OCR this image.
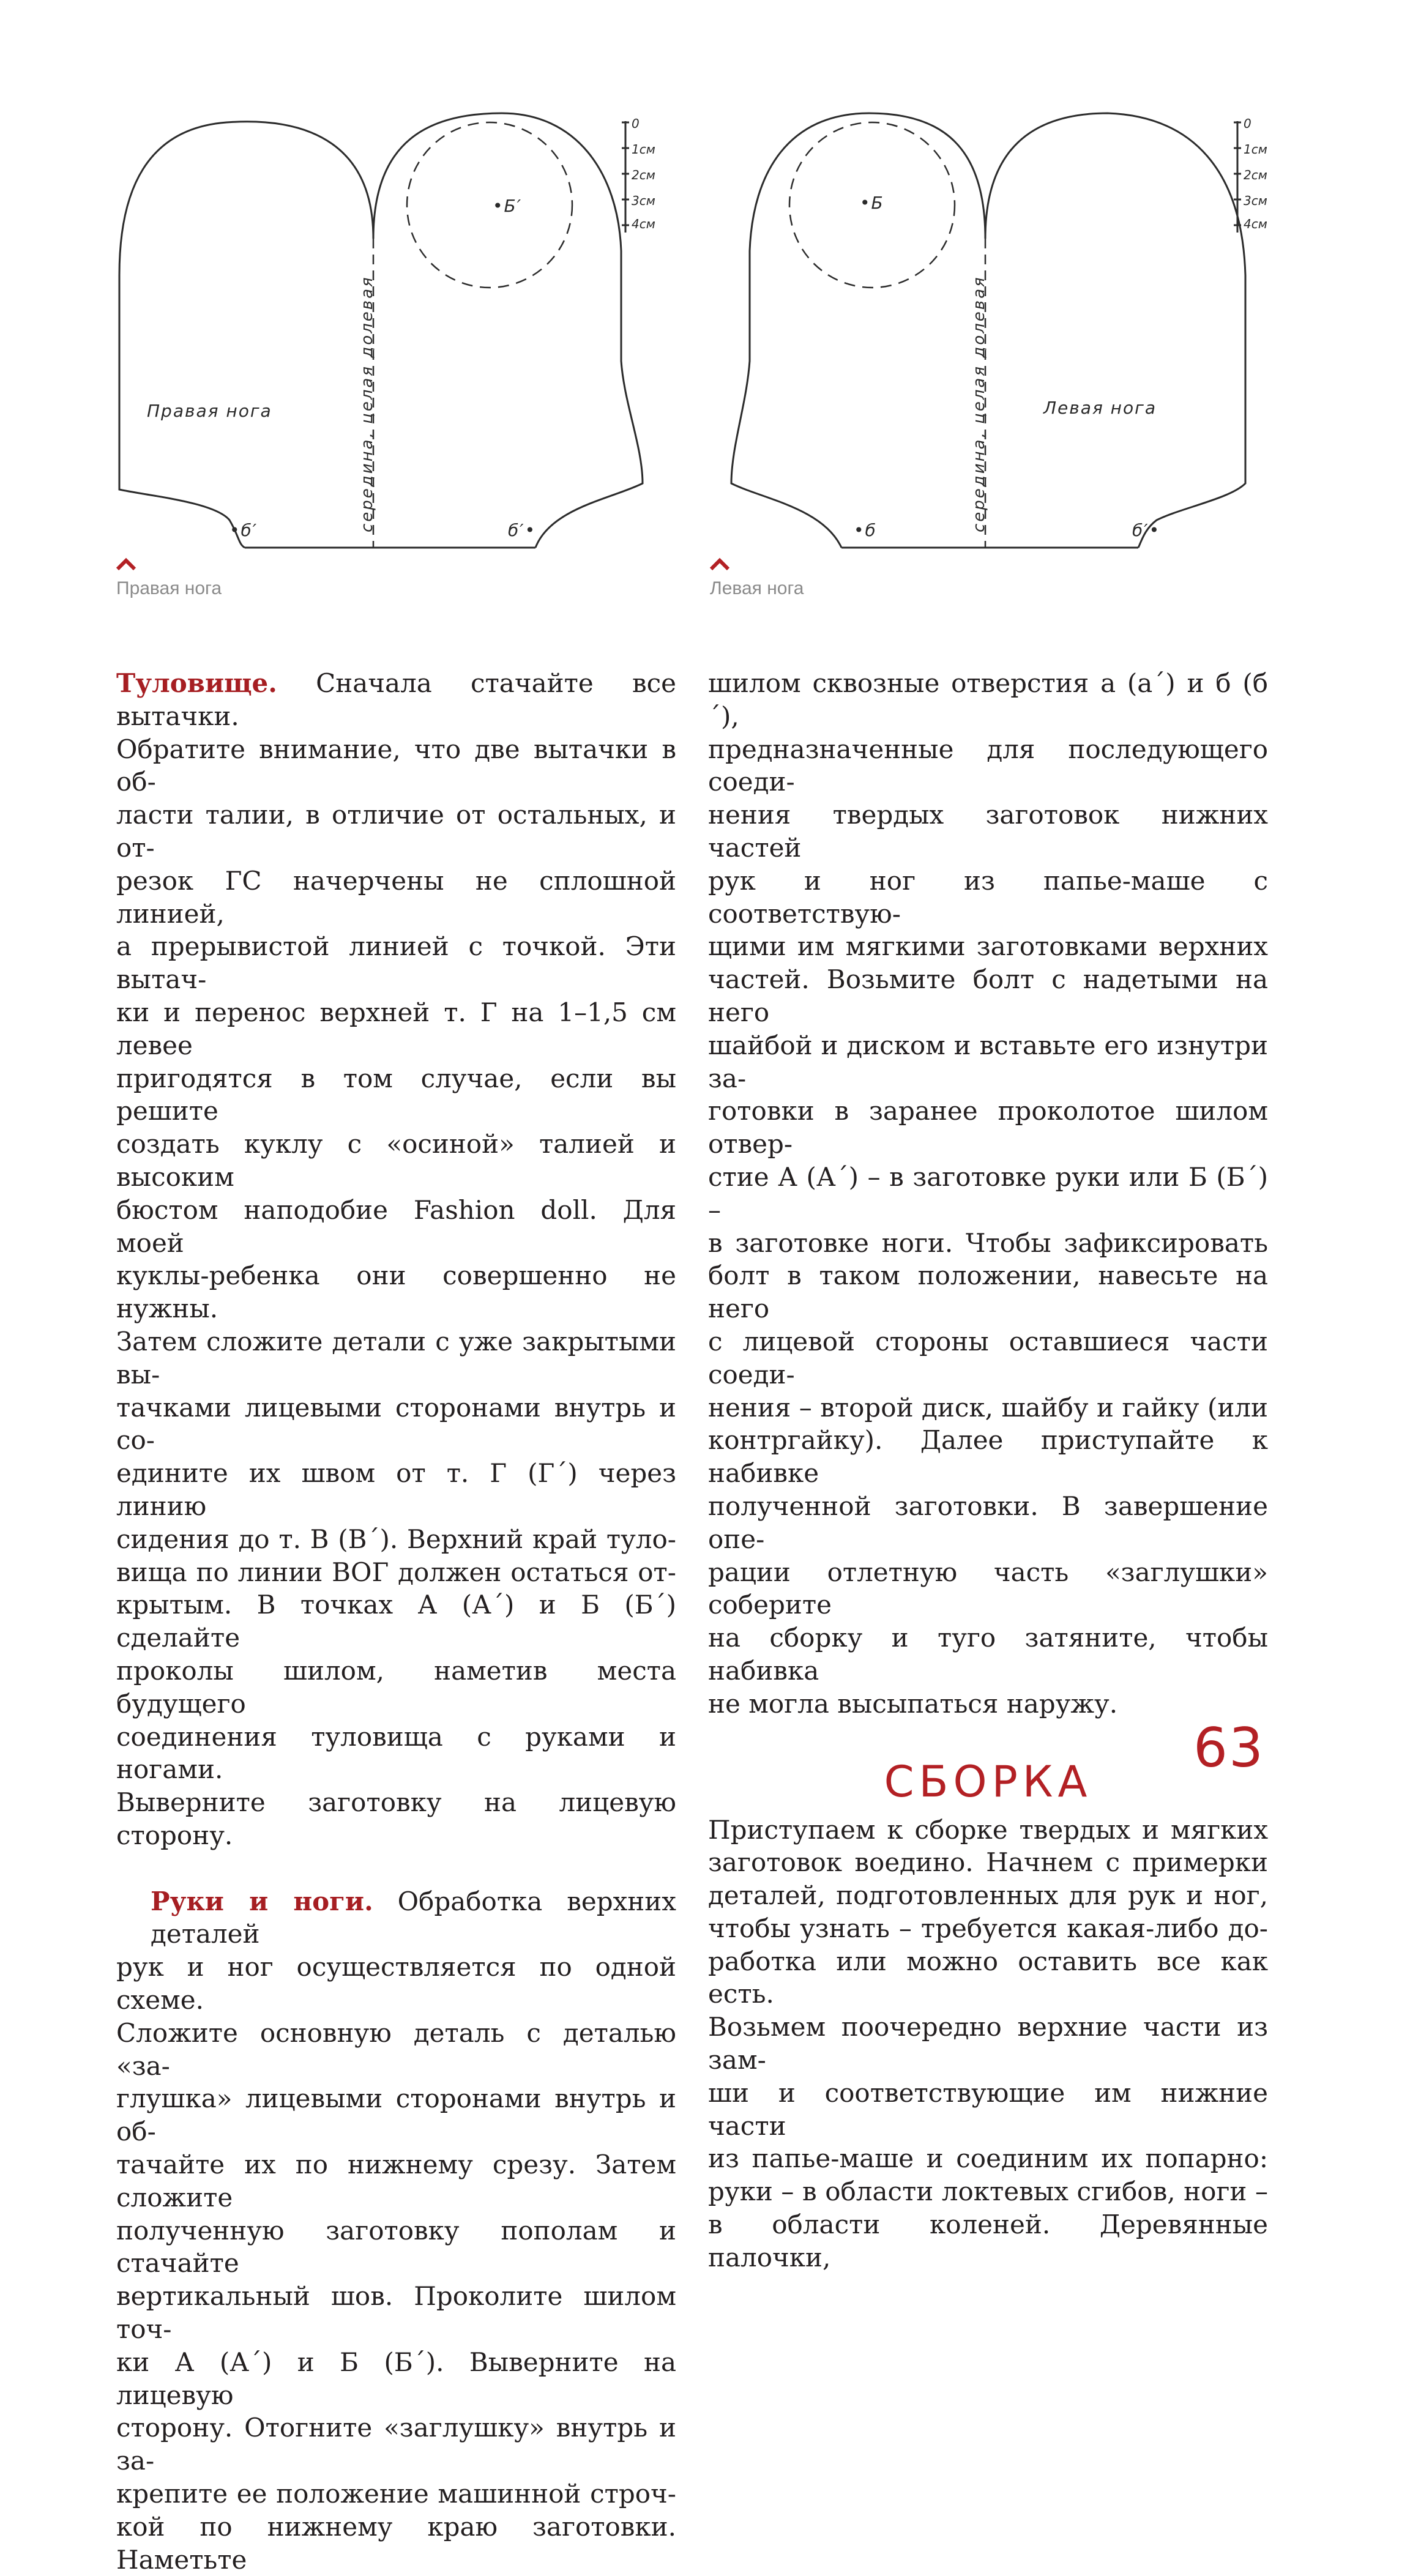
0
1см
2см
3см
4см
Правая нога
•Б′
•б′	б′•
середина, целая долевая
Правая нога
0
1см
2см
3см
4см
Левая нога
•Б
•б	б′•
середина, целая долевая
Левая нога

Туловище. Сначала стачайте все вытачки.

Обратите внимание, что две вытачки в об-

ласти талии, в отличие от остальных, и от-

резок ГС начерчены не сплошной линией,

а прерывистой линией с точкой. Эти вытач-

ки и перенос верхней т. Г на 1–1,5 см левее

пригодятся в том случае, если вы решите

создать куклу с «осиной» талией и высоким

бюстом наподобие Fashion doll. Для моей

куклы-ребенка они совершенно не нужны.

Затем сложите детали с уже закрытыми вы-

тачками лицевыми сторонами внутрь и со-

едините их швом от т. Г (Г´) через линию

сидения до т. В (В´). Верхний край туло-

вища по линии ВОГ должен остаться от-

крытым. В точках А (А´) и Б (Б´) сделайте

проколы шилом, наметив места будущего

соединения туловища с руками и ногами.

Выверните заготовку на лицевую сторону.

Руки и ноги. Обработка верхних деталей

рук и ног осуществляется по одной схеме.

Сложите основную деталь с деталью «за-

глушка» лицевыми сторонами внутрь и об-

тачайте их по нижнему срезу. Затем сложите

полученную заготовку пополам и стачайте

вертикальный шов. Проколите шилом точ-

ки А (А´) и Б (Б´). Выверните на лицевую

сторону. Отогните «заглушку» внутрь и за-

крепите ее положение машинной строч-

кой по нижнему краю заготовки. Наметьте

шилом сквозные отверстия а (а´) и б (б´),

предназначенные для последующего соеди-

нения твердых заготовок нижних частей

рук и ног из папье-маше с соответствую-

щими им мягкими заготовками верхних

частей. Возьмите болт с надетыми на него

шайбой и диском и вставьте его изнутри за-

готовки в заранее проколотое шилом отвер-

стие А (А´) – в заготовке руки или Б (Б´) –

в заготовке ноги. Чтобы зафиксировать

болт в таком положении, навесьте на него

с лицевой стороны оставшиеся части соеди-

нения – второй диск, шайбу и гайку (или

контргайку). Далее приступайте к набивке

полученной заготовки. В завершение опе-

рации отлетную часть «заглушки» соберите

на сборку и туго затяните, чтобы набивка

не могла высыпаться наружу.

СБОРКА

Приступаем к сборке твердых и мягких

заготовок воедино. Начнем с примерки

деталей, подготовленных для рук и ног,

чтобы узнать – требуется какая-либо до-

работка или можно оставить все как есть.

Возьмем поочередно верхние части из зам-

ши и соответствующие им нижние части

из папье-маше и соединим их попарно:

руки – в области локтевых сгибов, ноги –

в области коленей. Деревянные палочки,

63
